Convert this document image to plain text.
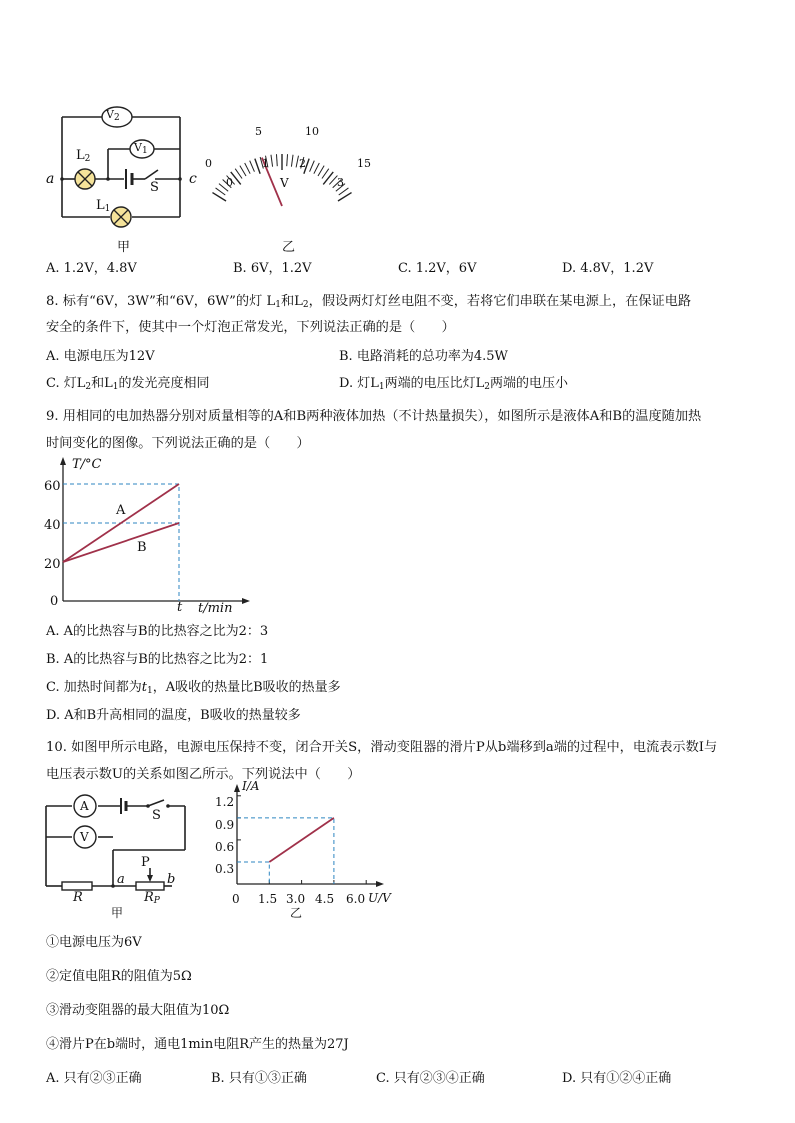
$V_2$
$V_1$
$L_2$
$L_1$
S
a	c
甲
0
5	10
15
0
1	2
3
V
乙
A. 1.2V，4.8V	B. 6V，1.2V	C. 1.2V，6V	D. 4.8V，1.2V
8. 标有“6V，3W”和“6V，6W”的灯 $L_1$和$L_2$，假设两灯灯丝电阻不变，若将它们串联在某电源上，在保证电路
安全的条件下，使其中一个灯泡正常发光，下列说法正确的是（　　）
A. 电源电压为12V	B. 电路消耗的总功率为4.5W
C. 灯$L_2$和$L_1$的发光亮度相同	D. 灯$L_1$两端的电压比灯$L_2$两端的电压小
9. 用相同的电加热器分别对质量相等的A和B两种液体加热（不计热量损失），如图所示是液体A和B的温度随加热
时间变化的图像。下列说法正确的是（　　）
T/°C
t/min
60
40
20
0	t
A
B
A. A的比热容与B的比热容之比为2：3
B. A的比热容与B的比热容之比为2：1
C. 加热时间都为$t_1$，A吸收的热量比B吸收的热量多
D. A和B升高相同的温度，B吸收的热量较多
10. 如图甲所示电路，电源电压保持不变，闭合开关S，滑动变阻器的滑片P从b端移到a端的过程中，电流表示数I与
电压表示数U的关系如图乙所示。下列说法中（　　）
A
V
S
P
a	b
R	$R_P$
甲
I/A
U/V
1.2
0.9
0.6
0.3
0 1.5 3.0 4.5 6.0
乙
①电源电压为6V
②定值电阻R的阻值为5Ω
③滑动变阻器的最大阻值为10Ω
④滑片P在b端时，通电1min电阻R产生的热量为27J
A. 只有②③正确	B. 只有①③正确	C. 只有②③④正确	D. 只有①②④正确
